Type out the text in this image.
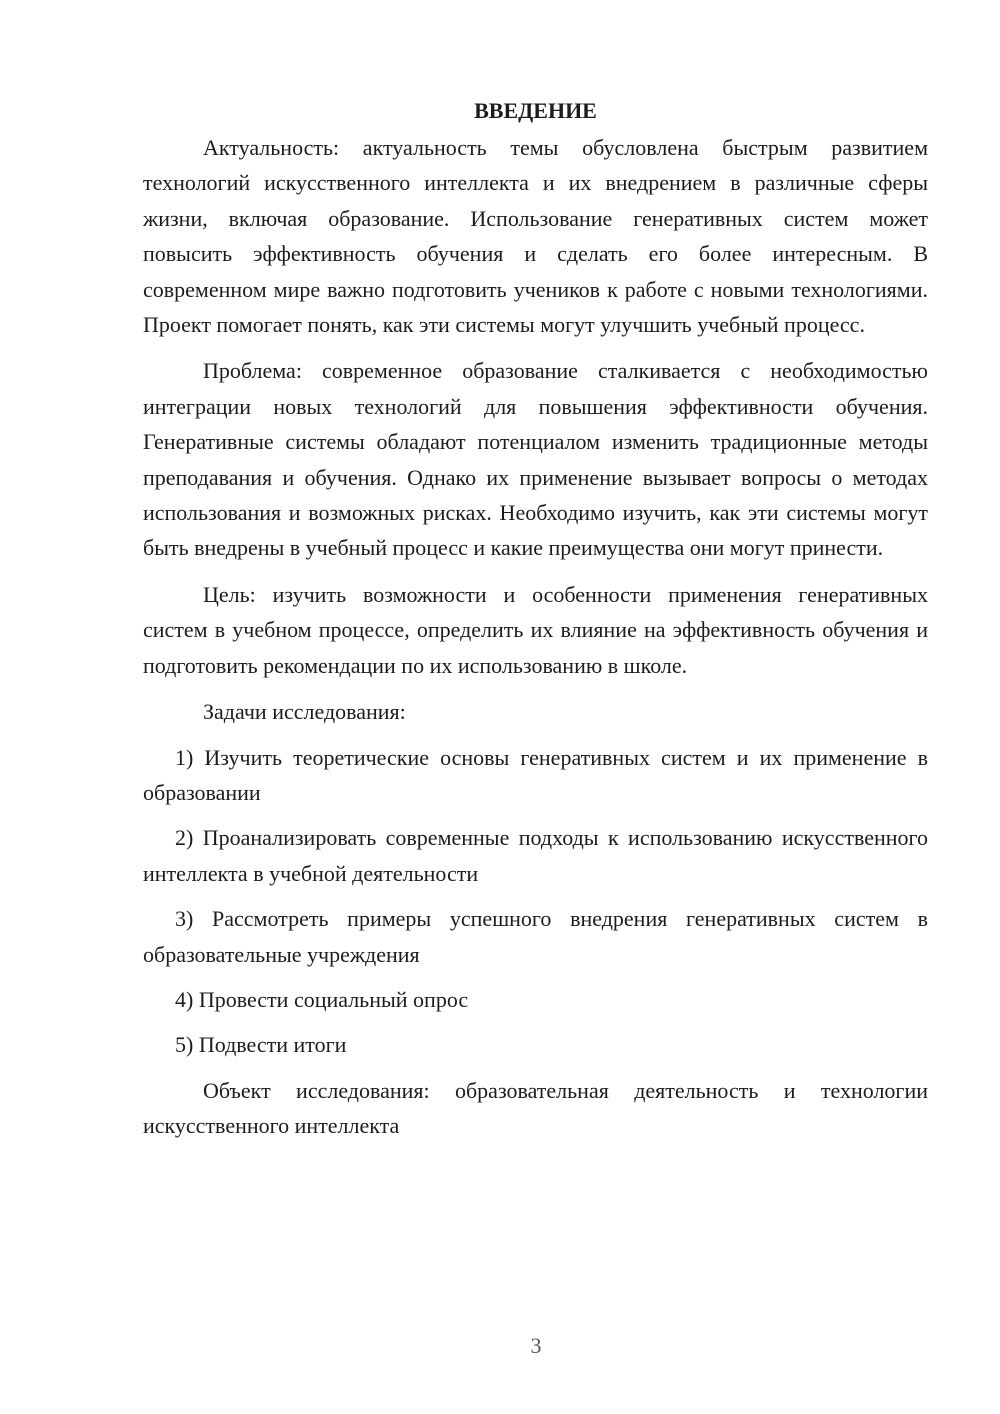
ВВЕДЕНИЕ

Актуальность: актуальность темы обусловлена быстрым развитием технологий искусственного интеллекта и их внедрением в различные сферы жизни, включая образование. Использование генеративных систем может повысить эффективность обучения и сделать его более интересным. В современном мире важно подготовить учеников к работе с новыми технологиями. Проект помогает понять, как эти системы могут улучшить учебный процесс.

Проблема: современное образование сталкивается с необходимостью интеграции новых технологий для повышения эффективности обучения. Генеративные системы обладают потенциалом изменить традиционные методы преподавания и обучения. Однако их применение вызывает вопросы о методах использования и возможных рисках. Необходимо изучить, как эти системы могут быть внедрены в учебный процесс и какие преимущества они могут принести.

Цель: изучить возможности и особенности применения генеративных систем в учебном процессе, определить их влияние на эффективность обучения и подготовить рекомендации по их использованию в школе.

Задачи исследования:

1) Изучить теоретические основы генеративных систем и их применение в образовании

2) Проанализировать современные подходы к использованию искусственного интеллекта в учебной деятельности

3) Рассмотреть примеры успешного внедрения генеративных систем в образовательные учреждения

4) Провести социальный опрос

5) Подвести итоги

Объект исследования: образовательная деятельность и технологии искусственного интеллекта

3
